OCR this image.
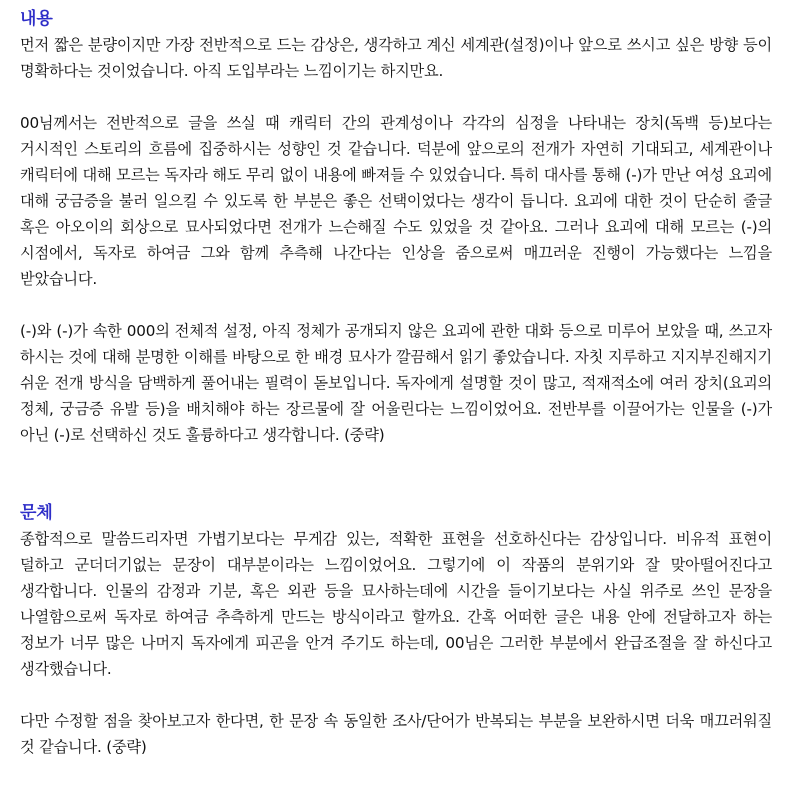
내용

먼저 짧은 분량이지만 가장 전반적으로 드는 감상은, 생각하고 계신 세계관(설정)이나 앞으로 쓰시고 싶은 방향 등이 명확하다는 것이었습니다. 아직 도입부라는 느낌이기는 하지만요.

00님께서는 전반적으로 글을 쓰실 때 캐릭터 간의 관계성이나 각각의 심정을 나타내는 장치(독백 등)보다는 거시적인 스토리의 흐름에 집중하시는 성향인 것 같습니다. 덕분에 앞으로의 전개가 자연히 기대되고, 세계관이나 캐릭터에 대해 모르는 독자라 해도 무리 없이 내용에 빠져들 수 있었습니다. 특히 대사를 통해 (-)가 만난 여성 요괴에 대해 궁금증을 불러 일으킬 수 있도록 한 부분은 좋은 선택이었다는 생각이 듭니다. 요괴에 대한 것이 단순히 줄글 혹은 아오이의 회상으로 묘사되었다면 전개가 느슨해질 수도 있었을 것 같아요. 그러나 요괴에 대해 모르는 (-)의 시점에서, 독자로 하여금 그와 함께 추측해 나간다는 인상을 줌으로써 매끄러운 진행이 가능했다는 느낌을 받았습니다.

(-)와 (-)가 속한 000의 전체적 설정, 아직 정체가 공개되지 않은 요괴에 관한 대화 등으로 미루어 보았을 때, 쓰고자 하시는 것에 대해 분명한 이해를 바탕으로 한 배경 묘사가 깔끔해서 읽기 좋았습니다. 자칫 지루하고 지지부진해지기 쉬운 전개 방식을 담백하게 풀어내는 필력이 돋보입니다. 독자에게 설명할 것이 많고, 적재적소에 여러 장치(요괴의 정체, 궁금증 유발 등)을 배치해야 하는 장르물에 잘 어울린다는 느낌이었어요. 전반부를 이끌어가는 인물을 (-)가 아닌 (-)로 선택하신 것도 훌륭하다고 생각합니다. (중략)

문체

종합적으로 말씀드리자면 가볍기보다는 무게감 있는, 적확한 표현을 선호하신다는 감상입니다. 비유적 표현이 덜하고 군더더기없는 문장이 대부분이라는 느낌이었어요. 그렇기에 이 작품의 분위기와 잘 맞아떨어진다고 생각합니다. 인물의 감정과 기분, 혹은 외관 등을 묘사하는데에 시간을 들이기보다는 사실 위주로 쓰인 문장을 나열함으로써 독자로 하여금 추측하게 만드는 방식이라고 할까요. 간혹 어떠한 글은 내용 안에 전달하고자 하는 정보가 너무 많은 나머지 독자에게 피곤을 안겨 주기도 하는데, 00님은 그러한 부분에서 완급조절을 잘 하신다고 생각했습니다.

다만 수정할 점을 찾아보고자 한다면, 한 문장 속 동일한 조사/단어가 반복되는 부분을 보완하시면 더욱 매끄러워질 것 같습니다. (중략)
